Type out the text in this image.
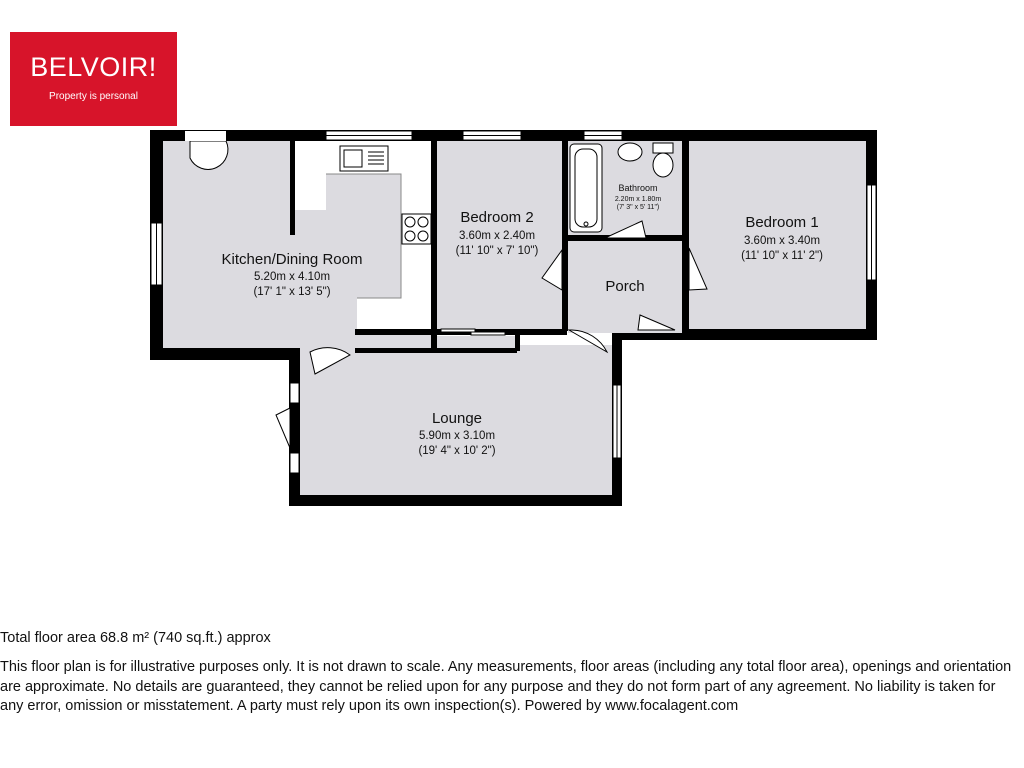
BELVOIR!
Property is personal
Kitchen/Dining Room
5.20m x 4.10m
(17' 1" x 13' 5")
Bedroom 2
3.60m x 2.40m
(11' 10" x 7' 10")
Bathroom
2.20m x 1.80m
(7' 3" x 5' 11")
Bedroom 1
3.60m x 3.40m
(11' 10" x 11' 2")
Porch
Lounge
5.90m x 3.10m
(19' 4" x 10' 2")
Total floor area 68.8 m² (740 sq.ft.) approx
This floor plan is for illustrative purposes only. It is not drawn to scale. Any measurements, floor areas (including any total floor area), openings and orientation are approximate. No details are guaranteed, they cannot be relied upon for any purpose and they do not form part of any agreement. No liability is taken for any error, omission or misstatement. A party must rely upon its own inspection(s). Powered by www.focalagent.com
